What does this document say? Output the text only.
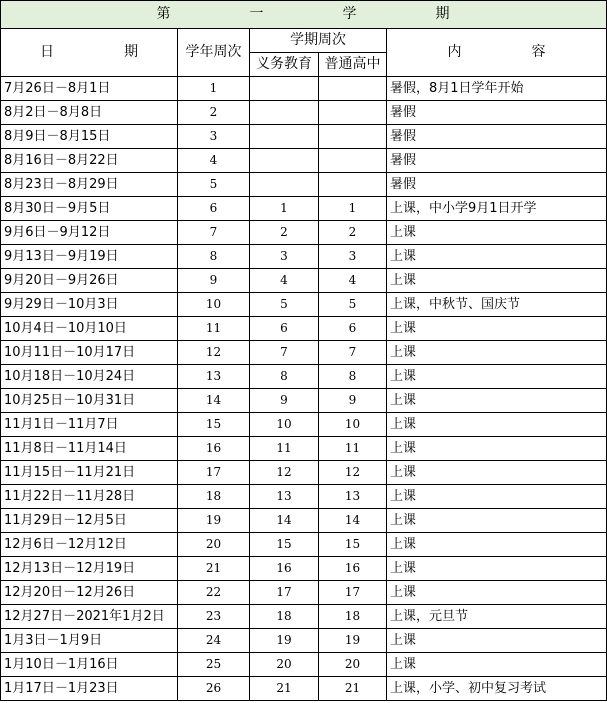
第 一 学 期				
日 期	学年周次	学期周次		内 容
		义务教育	普通高中	
7月26日－8月1日	1			暑假，8月1日学年开始
8月2日－8月8日	2			暑假
8月9日－8月15日	3			暑假
8月16日－8月22日	4			暑假
8月23日－8月29日	5			暑假
8月30日－9月5日	6	1	1	上课，中小学9月1日开学
9月6日－9月12日	7	2	2	上课
9月13日－9月19日	8	3	3	上课
9月20日－9月26日	9	4	4	上课
9月29日－10月3日	10	5	5	上课，中秋节、国庆节
10月4日－10月10日	11	6	6	上课
10月11日－10月17日	12	7	7	上课
10月18日－10月24日	13	8	8	上课
10月25日－10月31日	14	9	9	上课
11月1日－11月7日	15	10	10	上课
11月8日－11月14日	16	11	11	上课
11月15日－11月21日	17	12	12	上课
11月22日－11月28日	18	13	13	上课
11月29日－12月5日	19	14	14	上课
12月6日－12月12日	20	15	15	上课
12月13日－12月19日	21	16	16	上课
12月20日－12月26日	22	17	17	上课
12月27日－2021年1月2日	23	18	18	上课，元旦节
1月3日－1月9日	24	19	19	上课
1月10日－1月16日	25	20	20	上课
1月17日－1月23日	26	21	21	上课，小学、初中复习考试
